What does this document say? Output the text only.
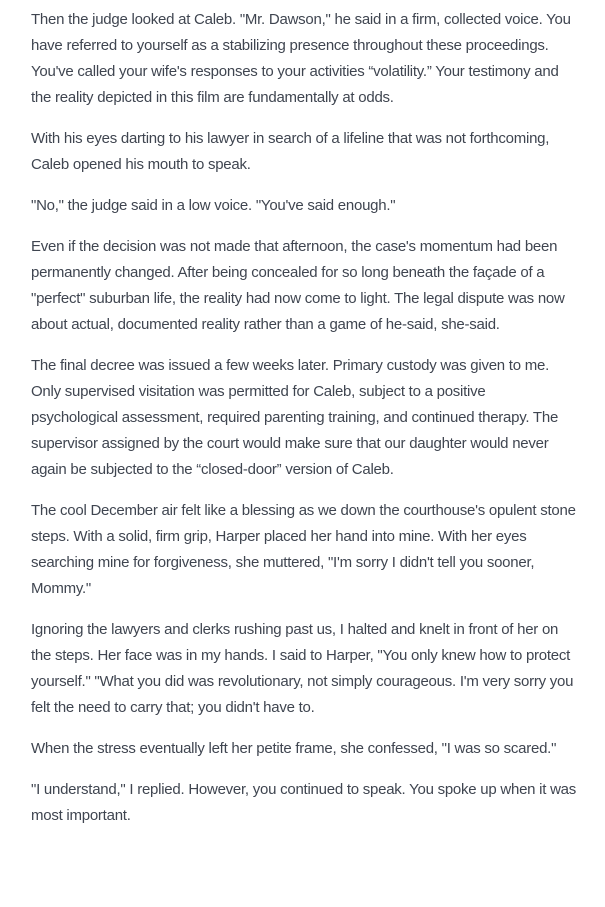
Then the judge looked at Caleb. "Mr. Dawson," he said in a firm, collected voice. You have referred to yourself as a stabilizing presence throughout these proceedings. You've called your wife's responses to your activities “volatility.” Your testimony and the reality depicted in this film are fundamentally at odds.

With his eyes darting to his lawyer in search of a lifeline that was not forthcoming, Caleb opened his mouth to speak.

"No," the judge said in a low voice. "You've said enough."

Even if the decision was not made that afternoon, the case's momentum had been permanently changed. After being concealed for so long beneath the façade of a "perfect" suburban life, the reality had now come to light. The legal dispute was now about actual, documented reality rather than a game of he-said, she-said.

The final decree was issued a few weeks later. Primary custody was given to me. Only supervised visitation was permitted for Caleb, subject to a positive psychological assessment, required parenting training, and continued therapy. The supervisor assigned by the court would make sure that our daughter would never again be subjected to the “closed-door” version of Caleb.

The cool December air felt like a blessing as we down the courthouse's opulent stone steps. With a solid, firm grip, Harper placed her hand into mine. With her eyes searching mine for forgiveness, she muttered, "I'm sorry I didn't tell you sooner, Mommy."

Ignoring the lawyers and clerks rushing past us, I halted and knelt in front of her on the steps. Her face was in my hands. I said to Harper, "You only knew how to protect yourself." "What you did was revolutionary, not simply courageous. I'm very sorry you felt the need to carry that; you didn't have to.

When the stress eventually left her petite frame, she confessed, "I was so scared."

"I understand," I replied. However, you continued to speak. You spoke up when it was most important.
